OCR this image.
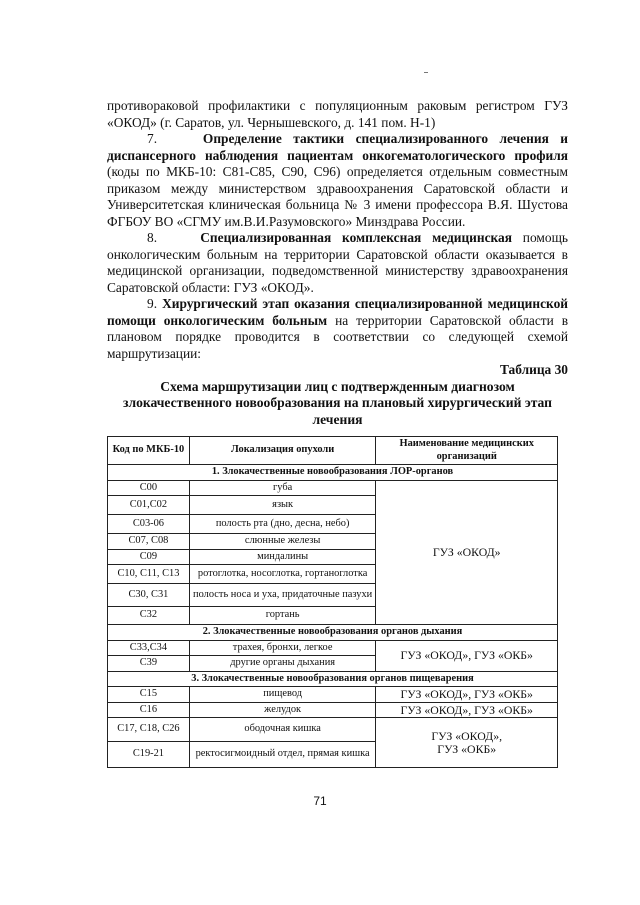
противораковой профилактики с популяционным раковым регистром ГУЗ «ОКОД» (г. Саратов, ул. Чернышевского, д. 141 пом. Н-1)

7.	Определение тактики специализированного лечения и диспансерного наблюдения пациентам онкогематологического профиля (коды по МКБ-10: С81-С85, С90, С96) определяется отдельным совместным приказом между министерством здравоохранения Саратовской области и Университетская клиническая больница № 3 имени профессора В.Я. Шустова ФГБОУ ВО «СГМУ им.В.И.Разумовского» Минздрава России.

8.	Специализированная комплексная медицинская помощь онкологическим больным на территории Саратовской области оказывается в медицинской организации, подведомственной министерству здравоохранения Саратовской области: ГУЗ «ОКОД».

9. Хирургический этап оказания специализированной медицинской помощи онкологическим больным на территории Саратовской области в плановом порядке проводится в соответствии со следующей схемой маршрутизации:

Таблица 30

Схема маршрутизации лиц с подтвержденным диагнозом злокачественного новообразования на плановый хирургический этап лечения

Код по МКБ-10	Локализация опухоли	Наименование медицинских организаций
1. Злокачественные новообразования ЛОР-органов		
С00	губа	ГУЗ «ОКОД»
С01,С02	язык	
С03-06	полость рта (дно, десна, небо)	
С07, С08	слюнные железы	
С09	миндалины	
С10, С11, С13	ротоглотка, носоглотка, гортаноглотка	
С30, С31	полость носа и уха, придаточные пазухи	
С32	гортань	
2. Злокачественные новообразования органов дыхания		
С33,С34	трахея, бронхи, легкое	ГУЗ «ОКОД», ГУЗ «ОКБ»
С39	другие органы дыхания	
3. Злокачественные новообразования органов пищеварения		
С15	пищевод	ГУЗ «ОКОД», ГУЗ «ОКБ»
С16	желудок	ГУЗ «ОКОД», ГУЗ «ОКБ»
С17, С18, С26	ободочная кишка	ГУЗ «ОКОД»,
ГУЗ «ОКБ»
С19-21	ректосигмоидный отдел, прямая кишка	
71
